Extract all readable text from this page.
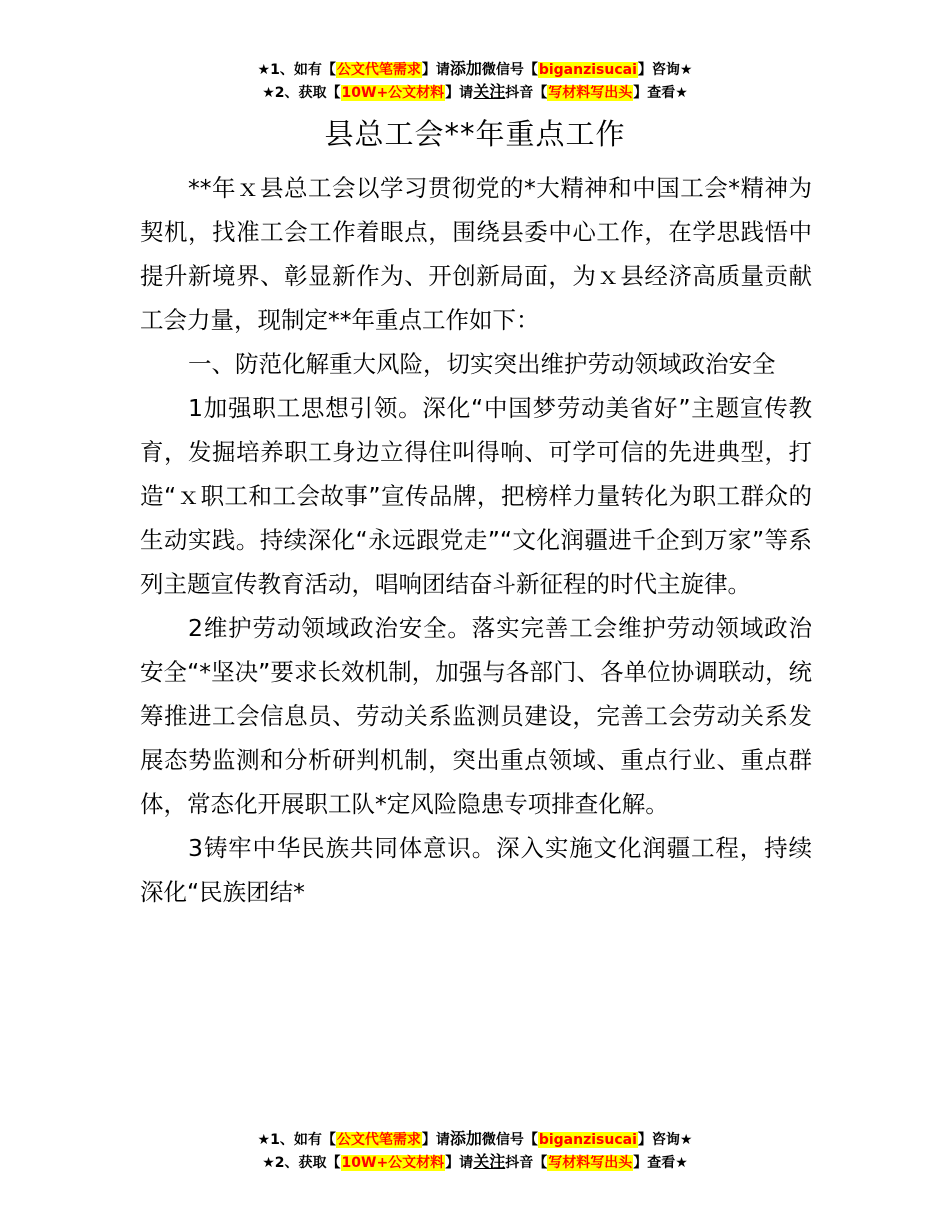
★1、如有【公文代笔需求】请添加微信号【biganzisucai】咨询★
★2、获取【10W+公文材料】请关注抖音【写材料写出头】查看★
县总工会**年重点工作

**年ｘ县总工会以学习贯彻党的*大精神和中国工会*精神为契机，找准工会工作着眼点，围绕县委中心工作，在学思践悟中提升新境界、彰显新作为、开创新局面，为ｘ县经济高质量贡献工会力量，现制定**年重点工作如下：

一、防范化解重大风险，切实突出维护劳动领域政治安全

1加强职工思想引领。深化“中国梦劳动美省好”主题宣传教育，发掘培养职工身边立得住叫得响、可学可信的先进典型，打造“ｘ职工和工会故事”宣传品牌，把榜样力量转化为职工群众的生动实践。持续深化“永远跟党走”“文化润疆进千企到万家”等系列主题宣传教育活动，唱响团结奋斗新征程的时代主旋律。

2维护劳动领域政治安全。落实完善工会维护劳动领域政治安全“*坚决”要求长效机制，加强与各部门、各单位协调联动，统筹推进工会信息员、劳动关系监测员建设，完善工会劳动关系发展态势监测和分析研判机制，突出重点领域、重点行业、重点群体，常态化开展职工队*定风险隐患专项排查化解。

3铸牢中华民族共同体意识。深入实施文化润疆工程，持续深化“民族团结*

★1、如有【公文代笔需求】请添加微信号【biganzisucai】咨询★
★2、获取【10W+公文材料】请关注抖音【写材料写出头】查看★
